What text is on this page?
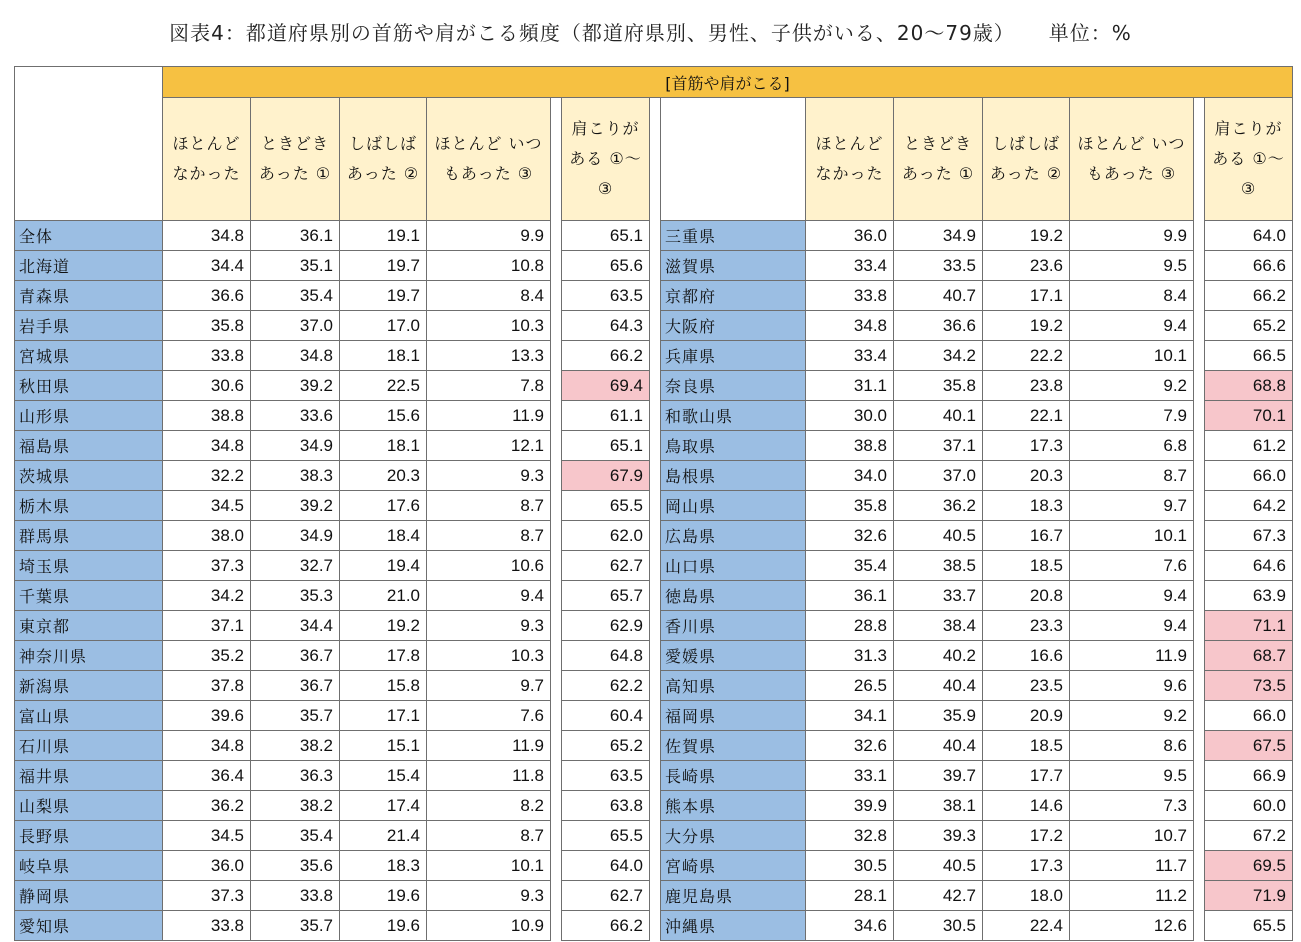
図表4：都道府県別の首筋や肩がこる頻度（都道府県別、男性、子供がいる、20〜79歳） 単位：%
	[首筋や肩がこる]													
	ほとんど なかった	ときどき あった ①	しばしば あった ②	ほとんど いつもあった ③		肩こりが ある ①〜③			ほとんど なかった	ときどき あった ①	しばしば あった ②	ほとんど いつもあった ③		肩こりが ある ①〜③
全体	34.8	36.1	19.1	9.9		65.1		三重県	36.0	34.9	19.2	9.9		64.0
北海道	34.4	35.1	19.7	10.8		65.6		滋賀県	33.4	33.5	23.6	9.5		66.6
青森県	36.6	35.4	19.7	8.4		63.5		京都府	33.8	40.7	17.1	8.4		66.2
岩手県	35.8	37.0	17.0	10.3		64.3		大阪府	34.8	36.6	19.2	9.4		65.2
宮城県	33.8	34.8	18.1	13.3		66.2		兵庫県	33.4	34.2	22.2	10.1		66.5
秋田県	30.6	39.2	22.5	7.8		69.4		奈良県	31.1	35.8	23.8	9.2		68.8
山形県	38.8	33.6	15.6	11.9		61.1		和歌山県	30.0	40.1	22.1	7.9		70.1
福島県	34.8	34.9	18.1	12.1		65.1		鳥取県	38.8	37.1	17.3	6.8		61.2
茨城県	32.2	38.3	20.3	9.3		67.9		島根県	34.0	37.0	20.3	8.7		66.0
栃木県	34.5	39.2	17.6	8.7		65.5		岡山県	35.8	36.2	18.3	9.7		64.2
群馬県	38.0	34.9	18.4	8.7		62.0		広島県	32.6	40.5	16.7	10.1		67.3
埼玉県	37.3	32.7	19.4	10.6		62.7		山口県	35.4	38.5	18.5	7.6		64.6
千葉県	34.2	35.3	21.0	9.4		65.7		徳島県	36.1	33.7	20.8	9.4		63.9
東京都	37.1	34.4	19.2	9.3		62.9		香川県	28.8	38.4	23.3	9.4		71.1
神奈川県	35.2	36.7	17.8	10.3		64.8		愛媛県	31.3	40.2	16.6	11.9		68.7
新潟県	37.8	36.7	15.8	9.7		62.2		高知県	26.5	40.4	23.5	9.6		73.5
富山県	39.6	35.7	17.1	7.6		60.4		福岡県	34.1	35.9	20.9	9.2		66.0
石川県	34.8	38.2	15.1	11.9		65.2		佐賀県	32.6	40.4	18.5	8.6		67.5
福井県	36.4	36.3	15.4	11.8		63.5		長崎県	33.1	39.7	17.7	9.5		66.9
山梨県	36.2	38.2	17.4	8.2		63.8		熊本県	39.9	38.1	14.6	7.3		60.0
長野県	34.5	35.4	21.4	8.7		65.5		大分県	32.8	39.3	17.2	10.7		67.2
岐阜県	36.0	35.6	18.3	10.1		64.0		宮崎県	30.5	40.5	17.3	11.7		69.5
静岡県	37.3	33.8	19.6	9.3		62.7		鹿児島県	28.1	42.7	18.0	11.2		71.9
愛知県	33.8	35.7	19.6	10.9		66.2		沖縄県	34.6	30.5	22.4	12.6		65.5
